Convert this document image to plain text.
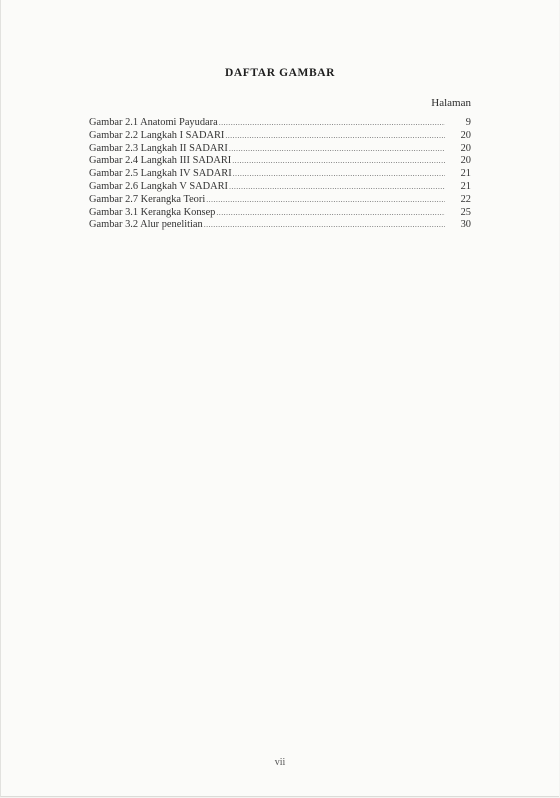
DAFTAR GAMBAR
Halaman
Gambar 2.1 Anatomi Payudara .....	9
Gambar 2.2 Langkah I SADARI .....	20
Gambar 2.3 Langkah II SADARI .....	20
Gambar 2.4 Langkah III SADARI .....	20
Gambar 2.5 Langkah IV SADARI .....	21
Gambar 2.6 Langkah V SADARI .....	21
Gambar 2.7 Kerangka Teori .....	22
Gambar 3.1 Kerangka Konsep .....	25
Gambar 3.2 Alur penelitian .....	30
vii
